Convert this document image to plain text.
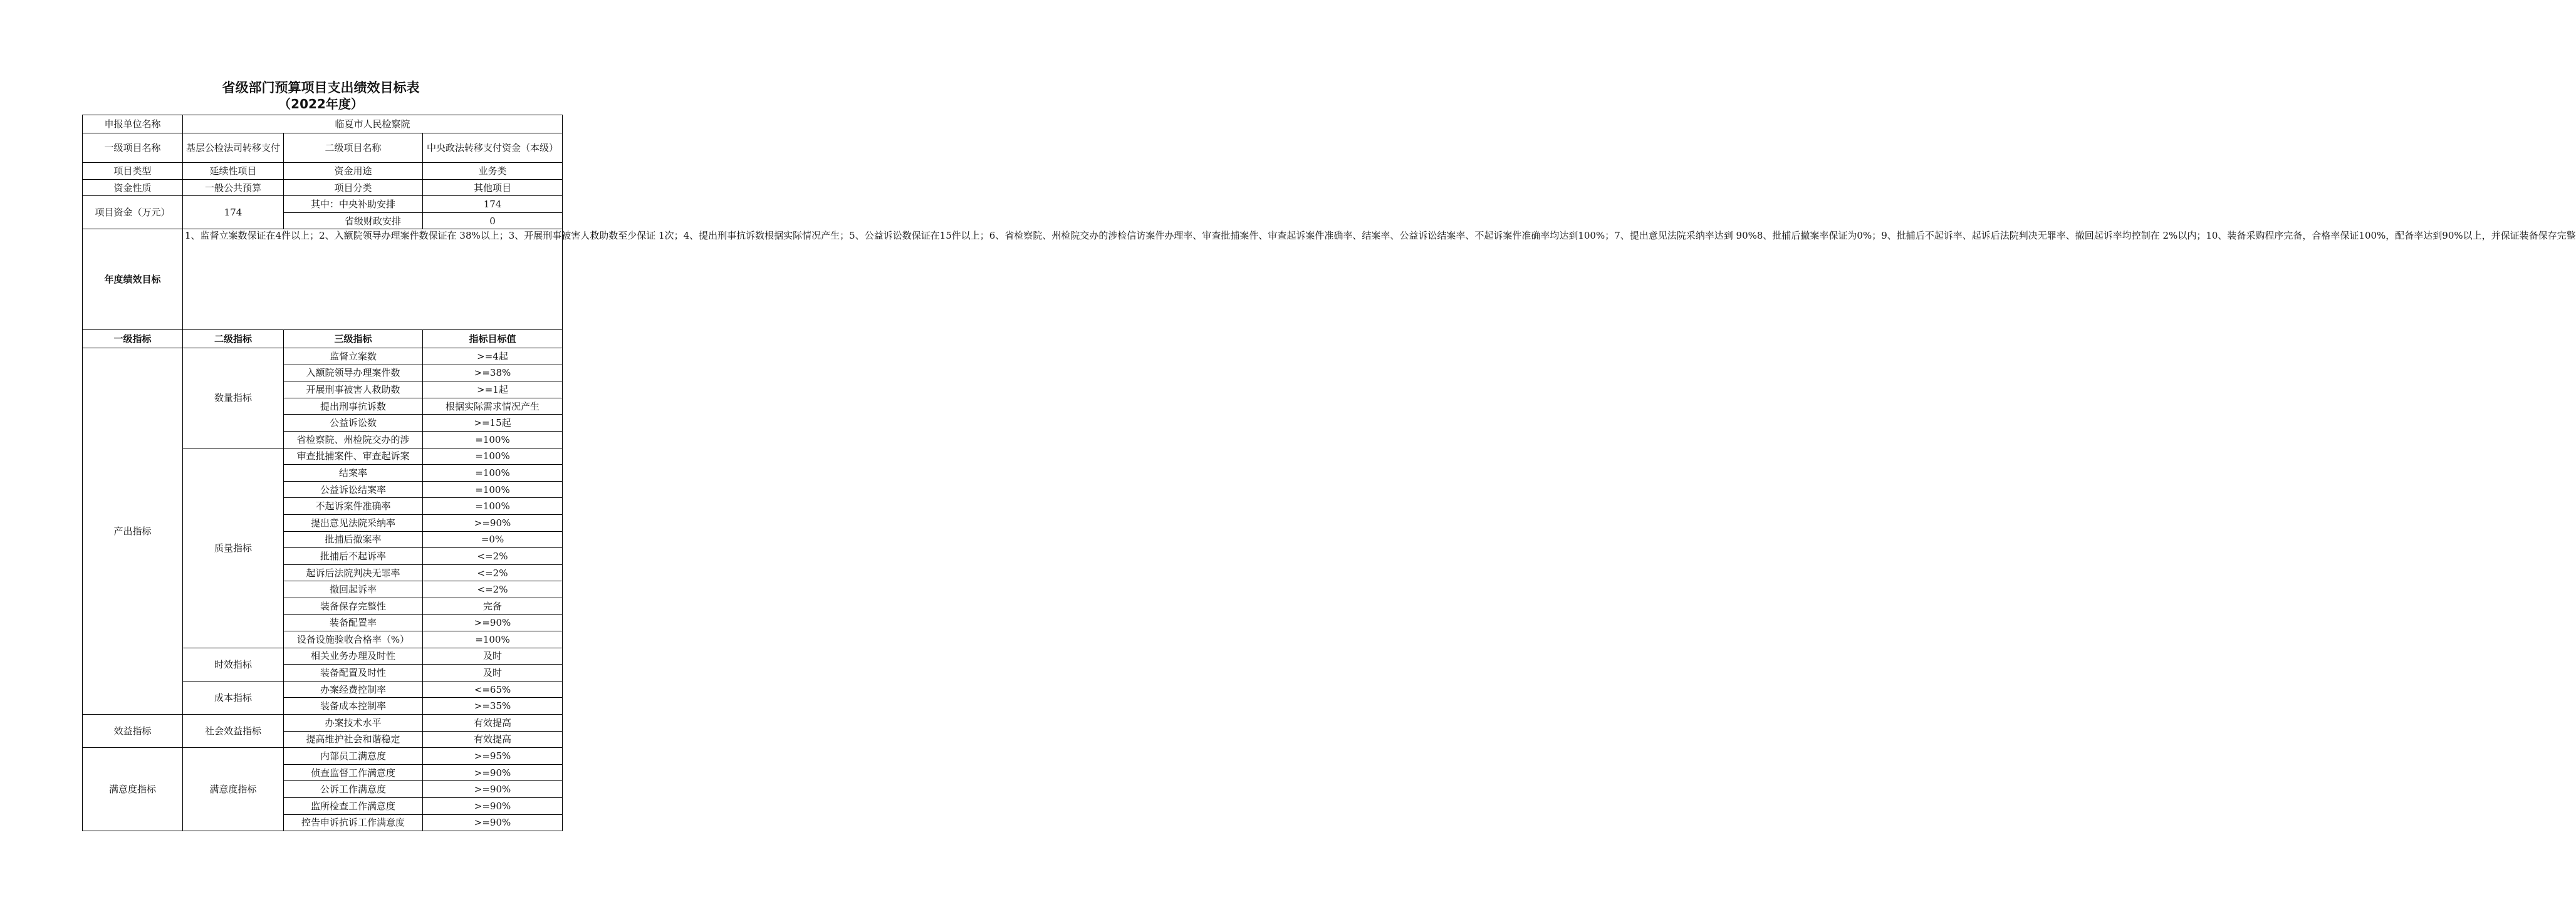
省级部门预算项目支出绩效目标表
（2022年度）
申报单位名称	临夏市人民检察院		
一级项目名称	基层公检法司转移支付	二级项目名称	中央政法转移支付资金（本级）
项目类型	延续性项目	资金用途	业务类
资金性质	一般公共预算	项目分类	其他项目
项目资金（万元）	174	其中：中央补助安排	174
		省级财政安排	0
年度绩效目标	1、监督立案数保证在4件以上；2、入额院领导办理案件数保证在 38%以上；3、开展刑事被害人救助数至少保证 1次；4、提出刑事抗诉数根据实际情况产生；5、公益诉讼数保证在15件以上；6、省检察院、州检院交办的涉检信访案件办理率、审查批捕案件、审查起诉案件准确率、结案率、公益诉讼结案率、不起诉案件准确率均达到100%；7、提出意见法院采纳率达到 90%8、批捕后撤案率保证为0%；9、批捕后不起诉率、起诉后法院判决无罪率、撤回起诉率均控制在 2%以内；10、装备采购程序完备，合格率保证100%，配备率达到90%以上，并保证装备保存完整		

一级指标	二级指标	三级指标	指标目标值
产出指标	数量指标	监督立案数	>=4起
		入额院领导办理案件数	>=38%
		开展刑事被害人救助数	>=1起
		提出刑事抗诉数	根据实际需求情况产生
		公益诉讼数	>=15起
		省检察院、州检院交办的涉	=100%
	质量指标	审查批捕案件、审查起诉案	=100%
		结案率	=100%
		公益诉讼结案率	=100%
		不起诉案件准确率	=100%
		提出意见法院采纳率	>=90%
		批捕后撤案率	=0%
		批捕后不起诉率	<=2%
		起诉后法院判决无罪率	<=2%
		撤回起诉率	<=2%
		装备保存完整性	完备
		装备配置率	>=90%
		设备设施验收合格率（%）	=100%
	时效指标	相关业务办理及时性	及时
		装备配置及时性	及时
	成本指标	办案经费控制率	<=65%
		装备成本控制率	>=35%
效益指标	社会效益指标	办案技术水平	有效提高
		提高维护社会和谐稳定	有效提高
满意度指标	满意度指标	内部员工满意度	>=95%
		侦查监督工作满意度	>=90%
		公诉工作满意度	>=90%
		监所检查工作满意度	>=90%
		控告申诉抗诉工作满意度	>=90%
